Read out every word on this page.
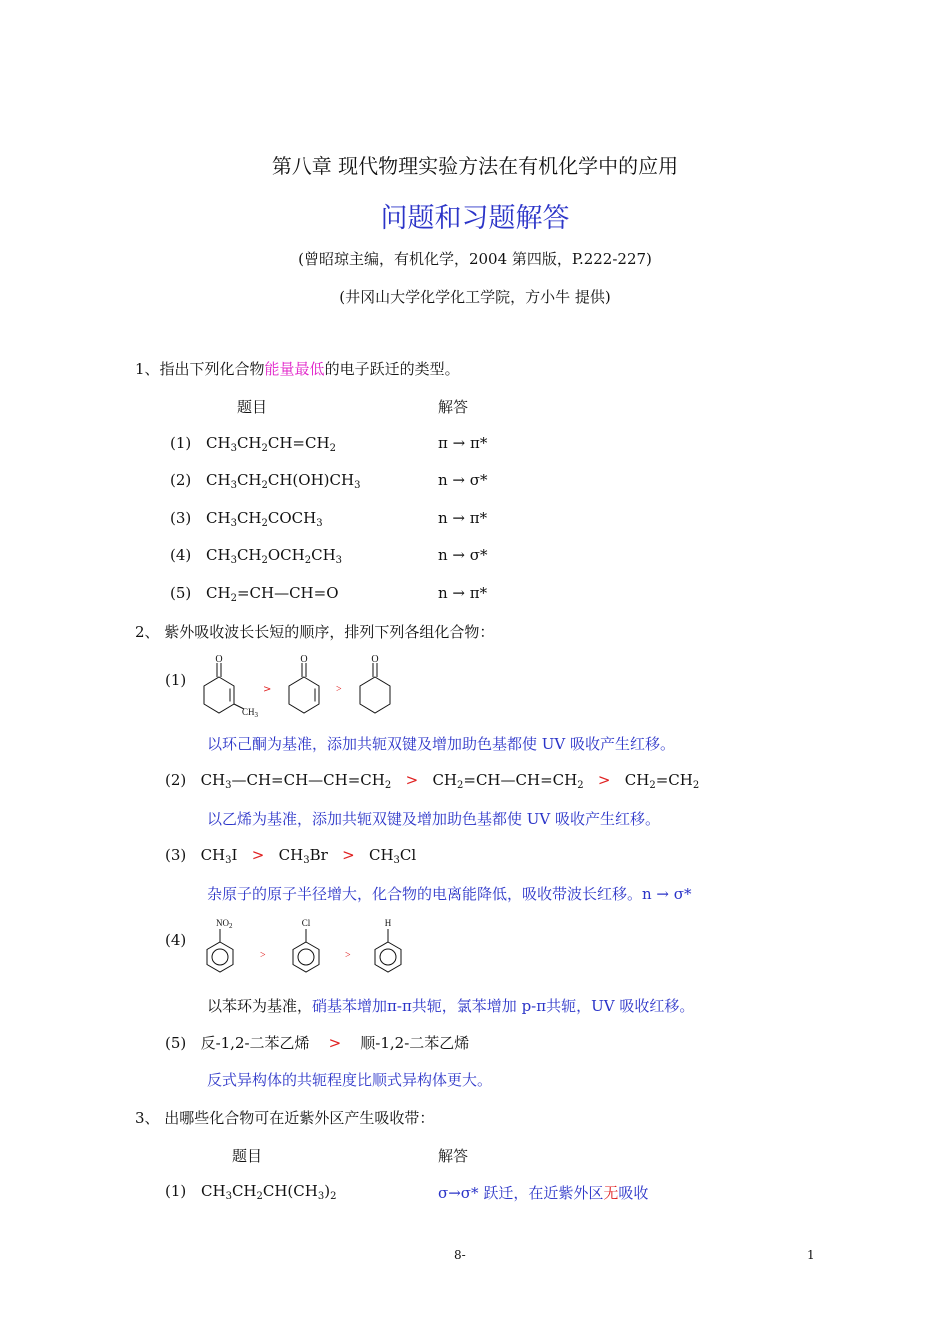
第八章 现代物理实验方法在有机化学中的应用
问题和习题解答
(曾昭琼主编，有机化学，2004 第四版，P.222-227)
(井冈山大学化学化工学院，方小牛 提供)
1、指出下列化合物能量最低的电子跃迁的类型。
题目	解答
(1) $CH_3CH_2CH=CH_2$	π → π*
(2) $CH_3CH_2CH(OH)CH_3$	n → σ*
(3) $CH_3CH_2COCH_3$	n → π*
(4) $CH_3CH_2OCH_2CH_3$	n → σ*
(5) $CH_2=CH—CH=O$	n → π*
2、 紫外吸收波长长短的顺序，排列下列各组化合物：
(1)
O
$CH_3$
>
O
>
O
以环己酮为基准，添加共轭双键及增加助色基都使 UV 吸收产生红移。
(2) $CH_3—CH=CH—CH=CH_2$ > $CH_2=CH—CH=CH_2 > CH_2=CH_2$
以乙烯为基准，添加共轭双键及增加助色基都使 UV 吸收产生红移。
(3) $CH_3I > CH_3Br > CH_3Cl$
杂原子的原子半径增大，化合物的电离能降低，吸收带波长红移。n → σ*
(4)
$NO_2$
>
Cl
>
H
以苯环为基准，硝基苯增加π-π共轭，氯苯增加 p-π共轭，UV 吸收红移。
(5) 反-1,2-二苯乙烯 > 顺-1,2-二苯乙烯
反式异构体的共轭程度比顺式异构体更大。
3、 出哪些化合物可在近紫外区产生吸收带：
题目	解答
(1) $CH_3CH_2CH(CH_3)_2$	σ→σ* 跃迁，在近紫外区无吸收
8-	1
